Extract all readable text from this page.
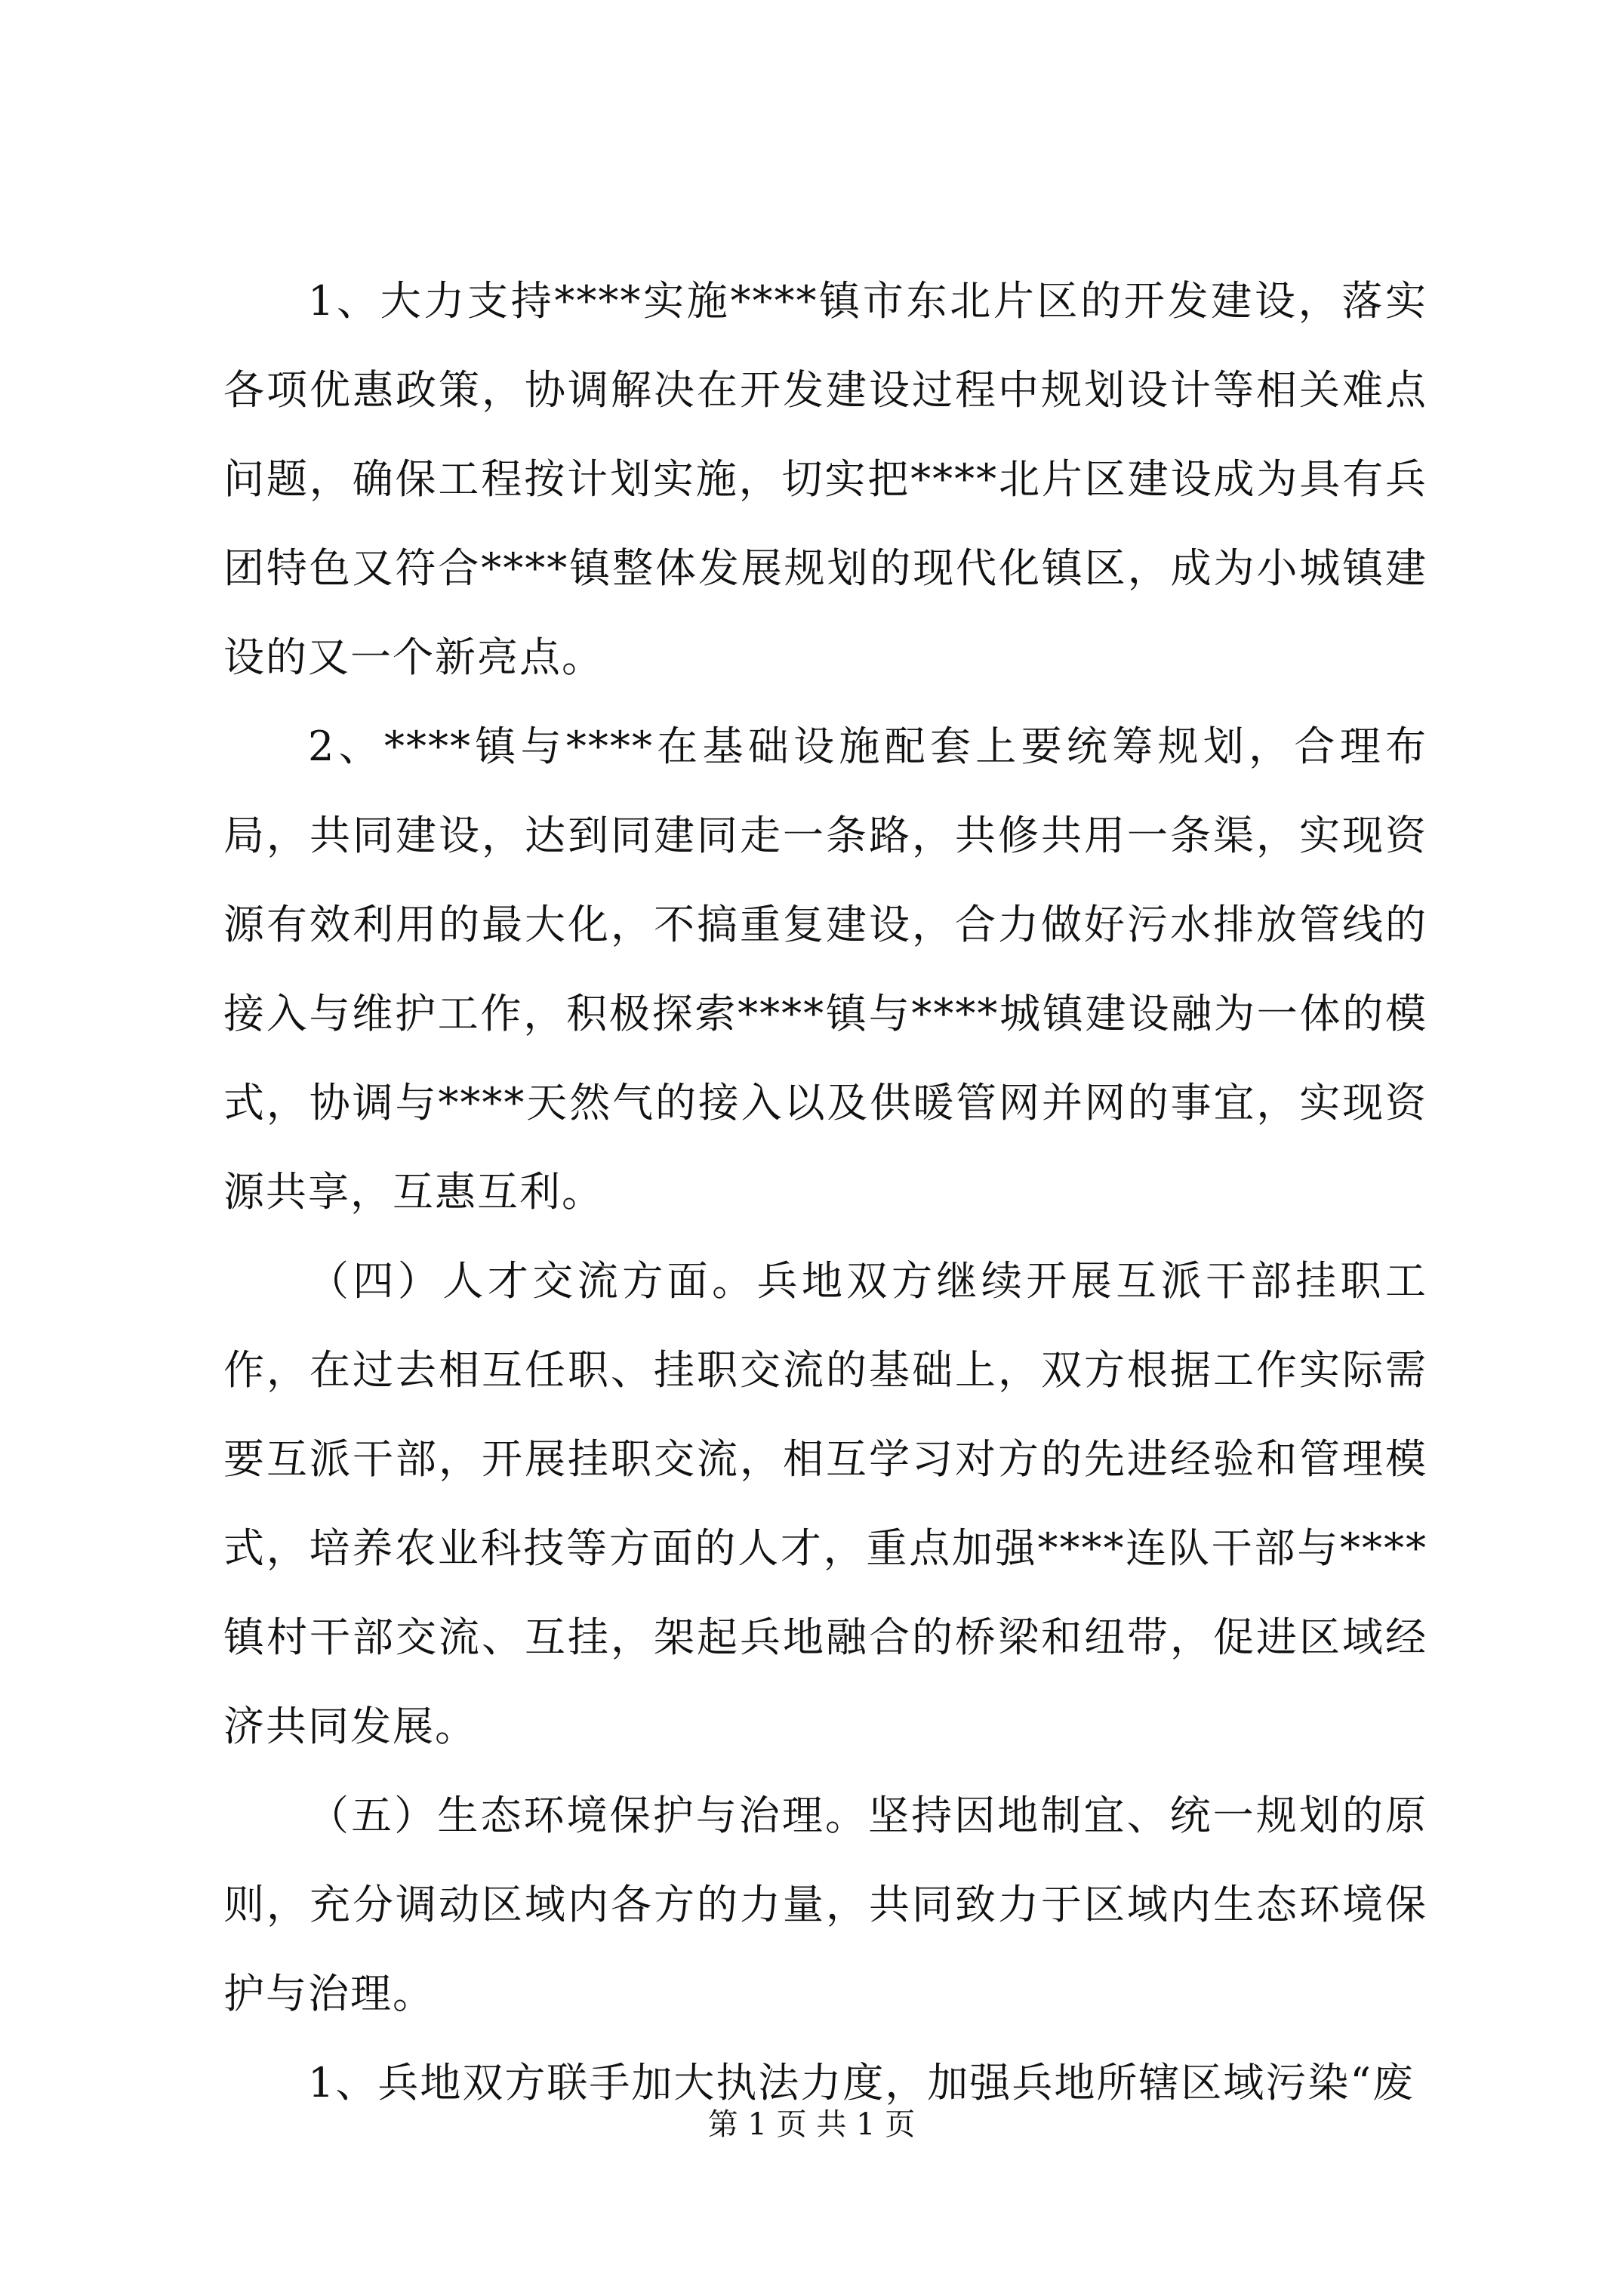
1、大力支持****实施****镇市东北片区的开发建设，落实各项优惠政策，协调解决在开发建设过程中规划设计等相关难点问题，确保工程按计划实施，切实把****北片区建设成为具有兵团特色又符合****镇整体发展规划的现代化镇区，成为小城镇建设的又一个新亮点。

2、****镇与****在基础设施配套上要统筹规划，合理布局，共同建设，达到同建同走一条路，共修共用一条渠，实现资源有效利用的最大化，不搞重复建设，合力做好污水排放管线的接入与维护工作，积极探索****镇与****城镇建设融为一体的模式，协调与****天然气的接入以及供暖管网并网的事宜，实现资源共享，互惠互利。

（四）人才交流方面。兵地双方继续开展互派干部挂职工作，在过去相互任职、挂职交流的基础上，双方根据工作实际需要互派干部，开展挂职交流，相互学习对方的先进经验和管理模式，培养农业科技等方面的人才，重点加强****连队干部与****镇村干部交流、互挂，架起兵地融合的桥梁和纽带，促进区域经济共同发展。

（五）生态环境保护与治理。坚持因地制宜、统一规划的原则，充分调动区域内各方的力量，共同致力于区域内生态环境保护与治理。

1、兵地双方联手加大执法力度，加强兵地所辖区域污染“废

第 1 页 共 1 页
